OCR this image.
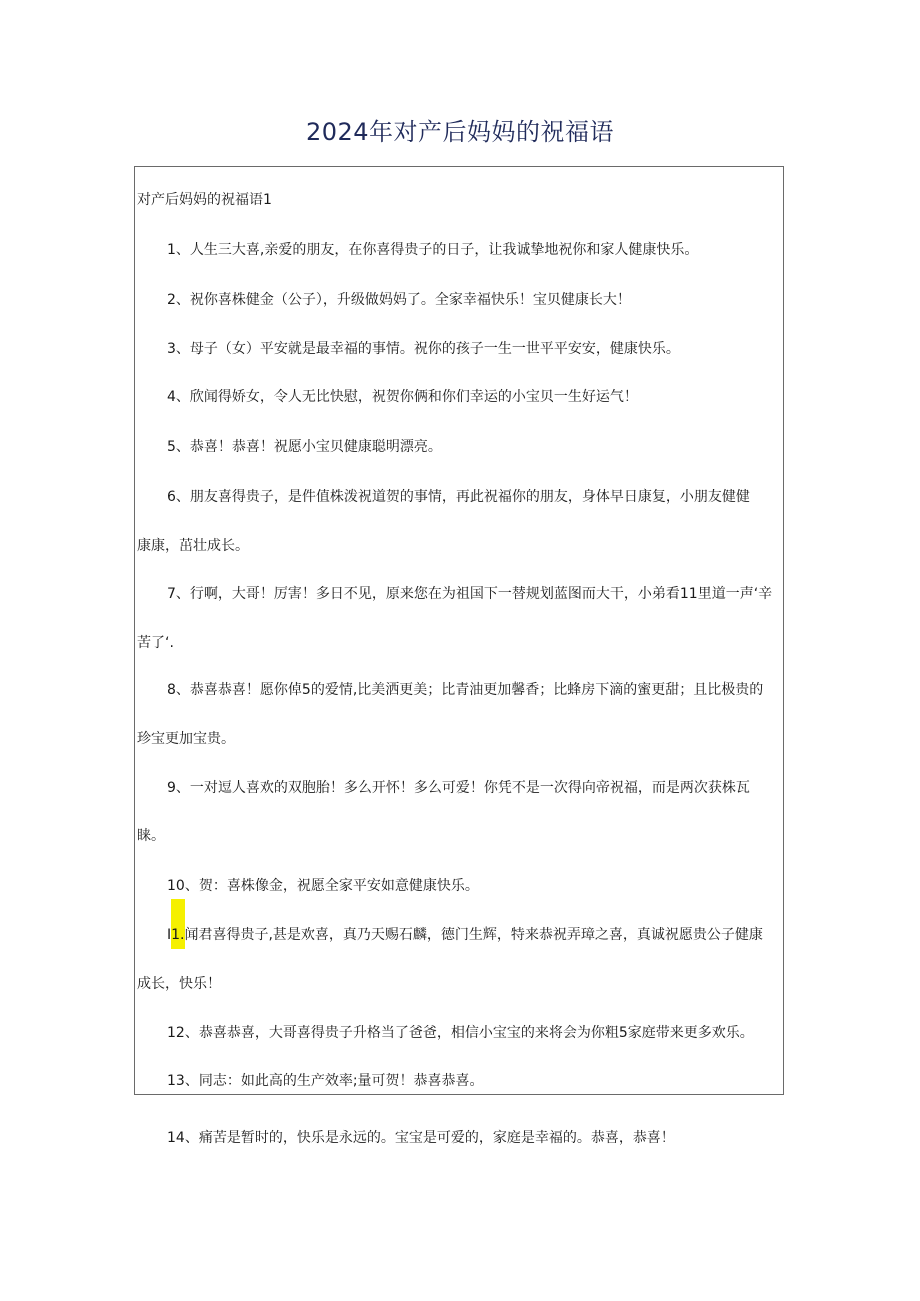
2024年对产后妈妈的祝福语

对产后妈妈的祝福语1

1、人生三大喜,亲爱的朋友，在你喜得贵子的日子，让我诚挚地祝你和家人健康快乐。

2、祝你喜株健金（公子），升级做妈妈了。全家幸福快乐！宝贝健康长大！

3、母子（女）平安就是最幸福的事情。祝你的孩子一生一世平平安安，健康快乐。

4、欣闻得娇女，令人无比快慰，祝贺你俩和你们幸运的小宝贝一生好运气！

5、恭喜！恭喜！祝愿小宝贝健康聪明漂亮。

6、朋友喜得贵子，是件值株泼祝道贺的事情，再此祝福你的朋友，身体早日康复，小朋友健健

康康，茁壮成长。

7、行啊，大哥！厉害！多日不见，原来您在为祖国下一替规划蓝图而大干，小弟看11里道一声‘辛

苦了‘.

8、恭喜恭喜！愿你倬5的爱情,比美洒更美；比青油更加馨香；比蜂房下滴的蜜更甜；且比极贵的

珍宝更加宝贵。

9、一对逗人喜欢的双胞胎！多么开怀！多么可爱！你凭不是一次得向帝祝福，而是两次获株瓦

睐。

10、贺：喜株像金，祝愿全家平安如意健康快乐。

I1.闻君喜得贵子,甚是欢喜，真乃天赐石麟，德门生辉，特来恭祝弄璋之喜，真诚祝愿贵公子健康

成长，快乐！

12、恭喜恭喜，大哥喜得贵子升格当了爸爸，相信小宝宝的来将会为你粗5家庭带来更多欢乐。

13、同志：如此高的生产效率;量可贺！恭喜恭喜。

14、痛苦是暂时的，快乐是永远的。宝宝是可爱的，家庭是幸福的。恭喜，恭喜！
